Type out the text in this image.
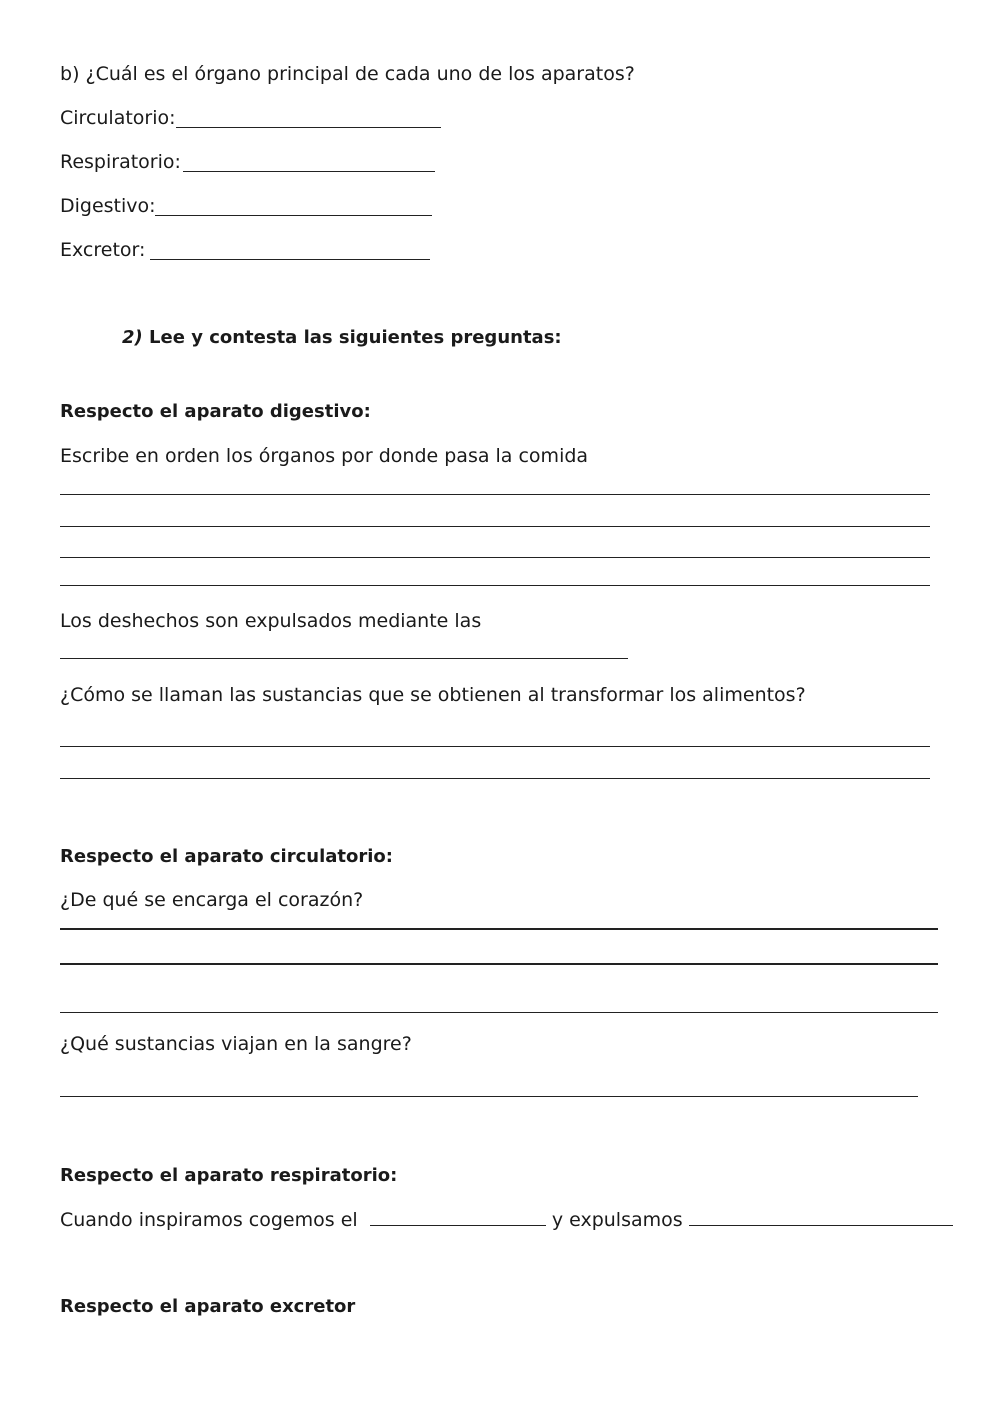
b) ¿Cuál es el órgano principal de cada uno de los aparatos?
Circulatorio:
Respiratorio:
Digestivo:
Excretor:
2) Lee y contesta las siguientes preguntas:
Respecto el aparato digestivo:
Escribe en orden los órganos por donde pasa la comida
Los deshechos son expulsados mediante las
¿Cómo se llaman las sustancias que se obtienen al transformar los alimentos?
Respecto el aparato circulatorio:
¿De qué se encarga el corazón?
¿Qué sustancias viajan en la sangre?
Respecto el aparato respiratorio:
Cuando inspiramos cogemos el	y expulsamos
Respecto el aparato excretor
